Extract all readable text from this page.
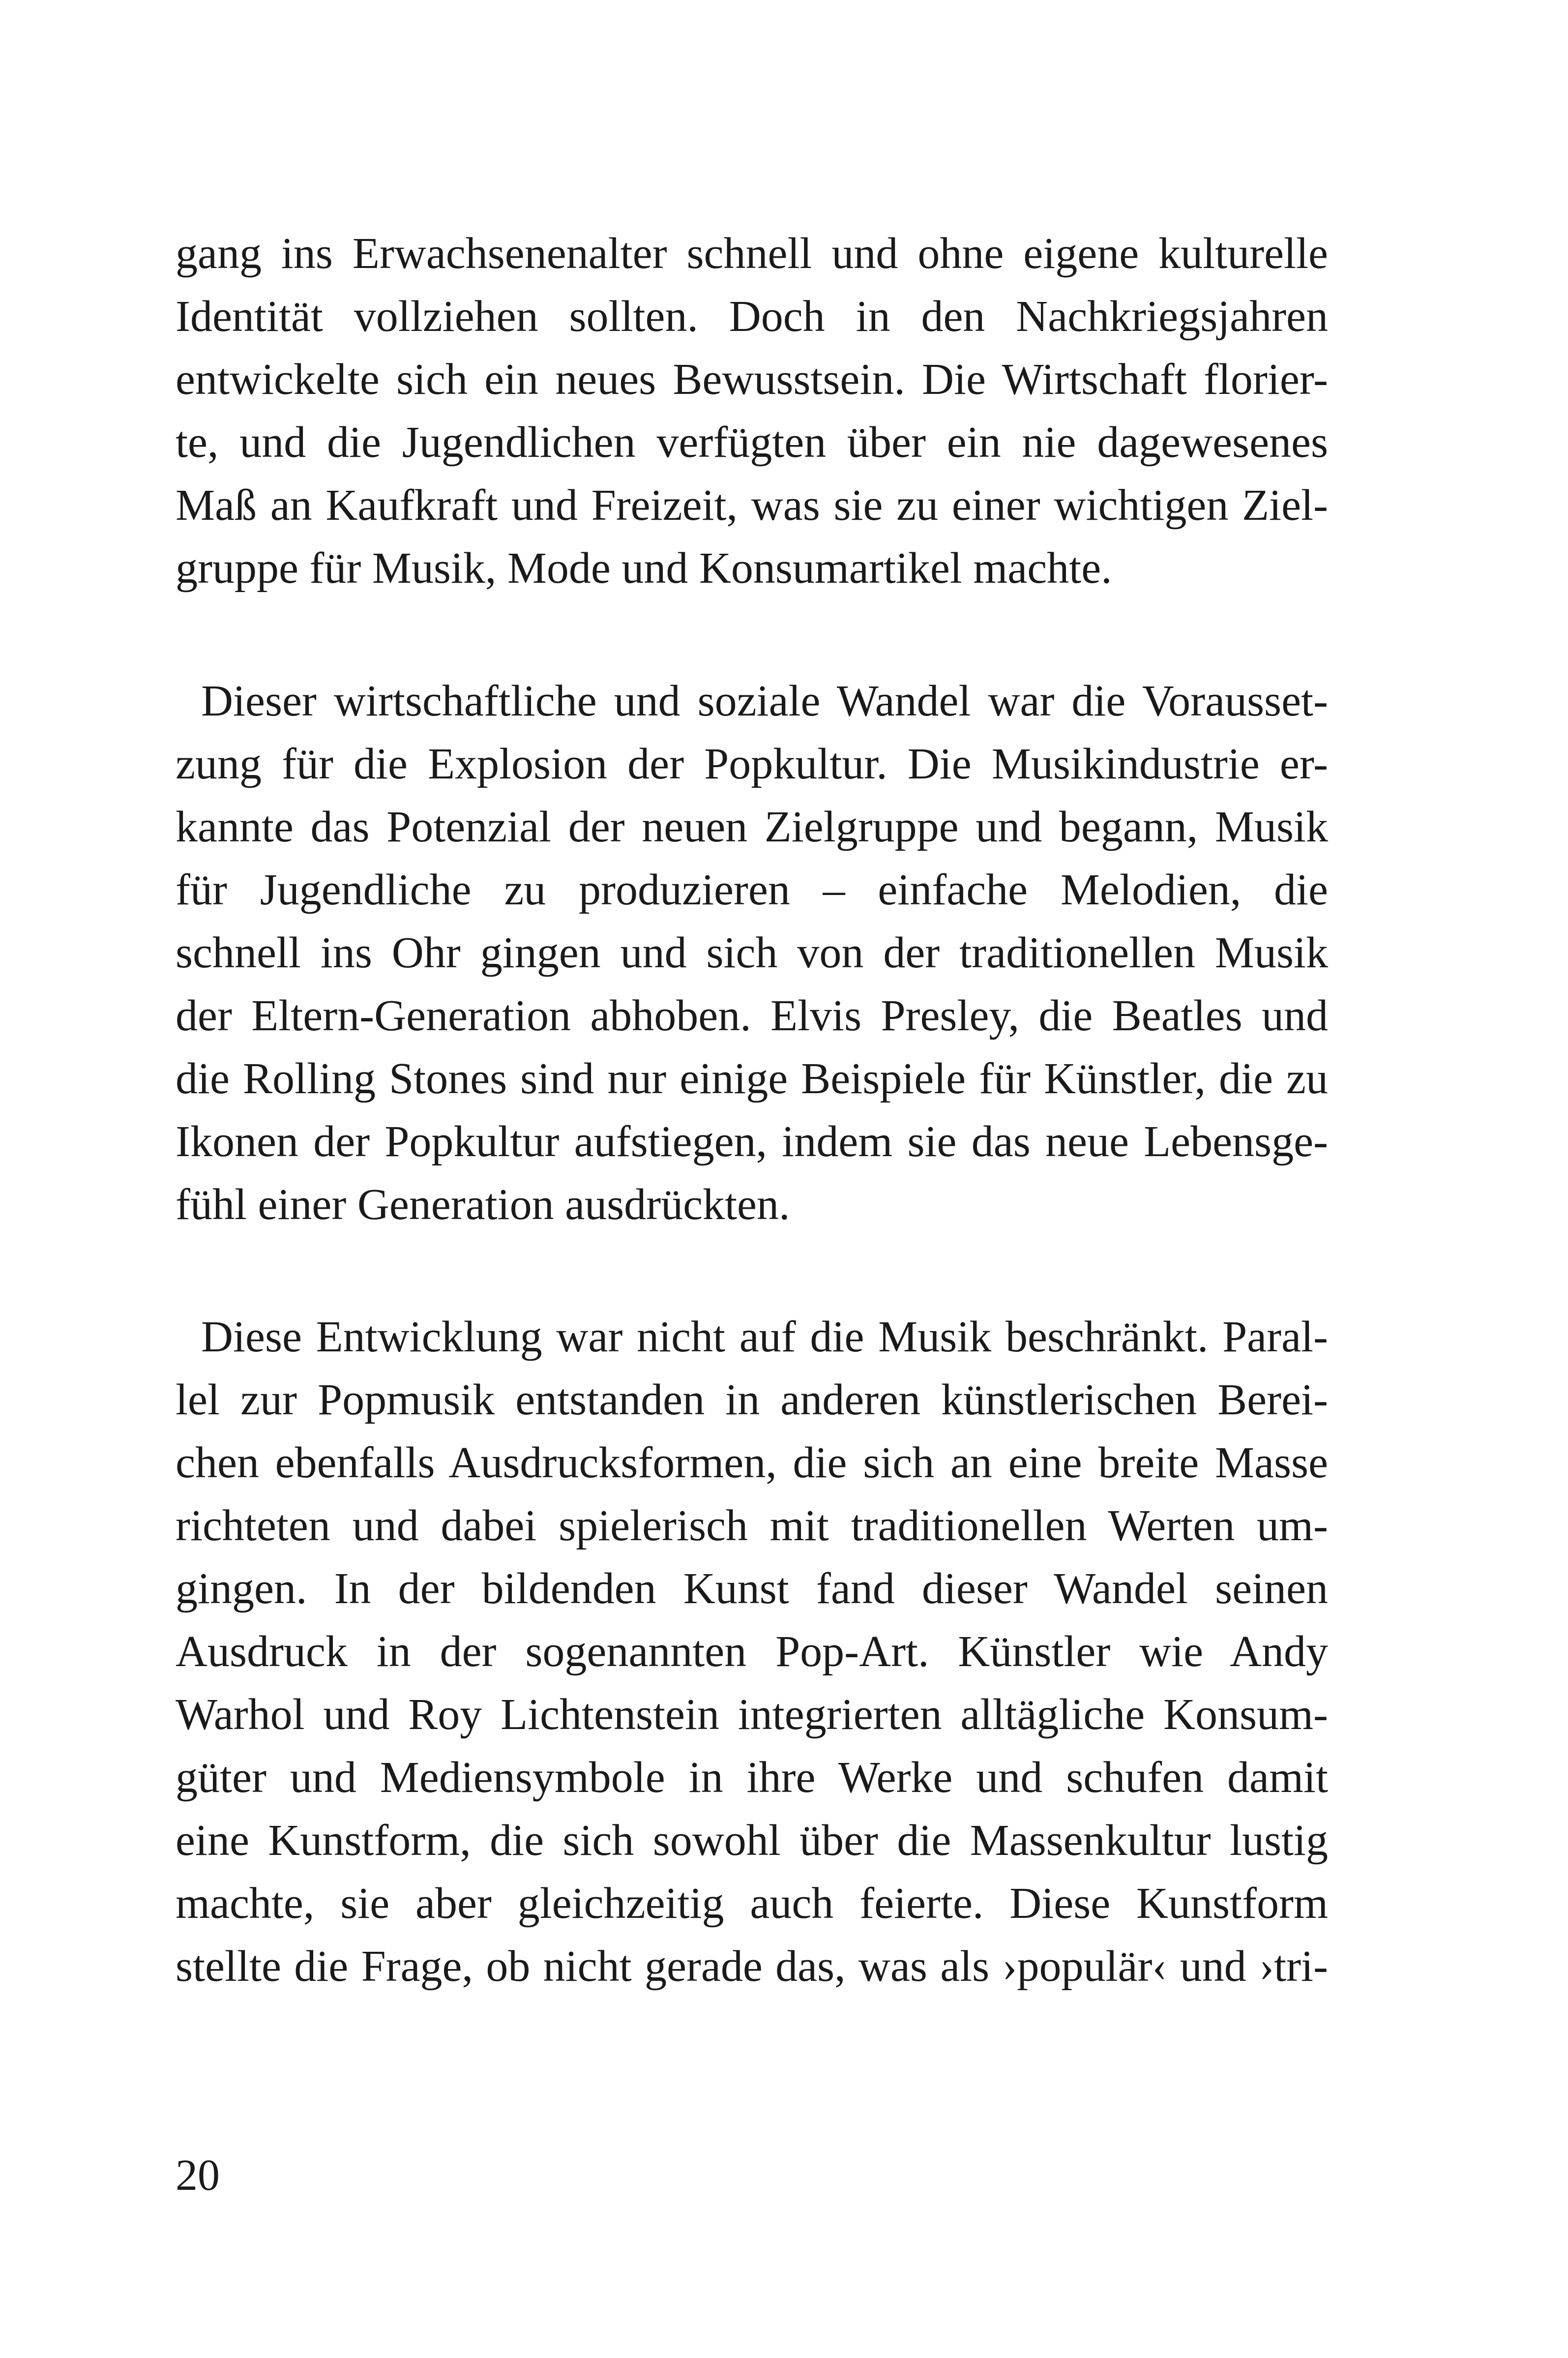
gang ins Erwachsenenalter schnell und ohne eigene kulturelle
Identität vollziehen sollten. Doch in den Nachkriegsjahren
entwickelte sich ein neues Bewusstsein. Die Wirtschaft florier-
te, und die Jugendlichen verfügten über ein nie dagewesenes
Maß an Kaufkraft und Freizeit, was sie zu einer wichtigen Ziel-
gruppe für Musik, Mode und Konsumartikel machte.
Dieser wirtschaftliche und soziale Wandel war die Vorausset-
zung für die Explosion der Popkultur. Die Musikindustrie er-
kannte das Potenzial der neuen Zielgruppe und begann, Musik
für Jugendliche zu produzieren – einfache Melodien, die
schnell ins Ohr gingen und sich von der traditionellen Musik
der Eltern-Generation abhoben. Elvis Presley, die Beatles und
die Rolling Stones sind nur einige Beispiele für Künstler, die zu
Ikonen der Popkultur aufstiegen, indem sie das neue Lebensge-
fühl einer Generation ausdrückten.
Diese Entwicklung war nicht auf die Musik beschränkt. Paral-
lel zur Popmusik entstanden in anderen künstlerischen Berei-
chen ebenfalls Ausdrucksformen, die sich an eine breite Masse
richteten und dabei spielerisch mit traditionellen Werten um-
gingen. In der bildenden Kunst fand dieser Wandel seinen
Ausdruck in der sogenannten Pop-Art. Künstler wie Andy
Warhol und Roy Lichtenstein integrierten alltägliche Konsum-
güter und Mediensymbole in ihre Werke und schufen damit
eine Kunstform, die sich sowohl über die Massenkultur lustig
machte, sie aber gleichzeitig auch feierte. Diese Kunstform
stellte die Frage, ob nicht gerade das, was als ›populär‹ und ›tri-
20
